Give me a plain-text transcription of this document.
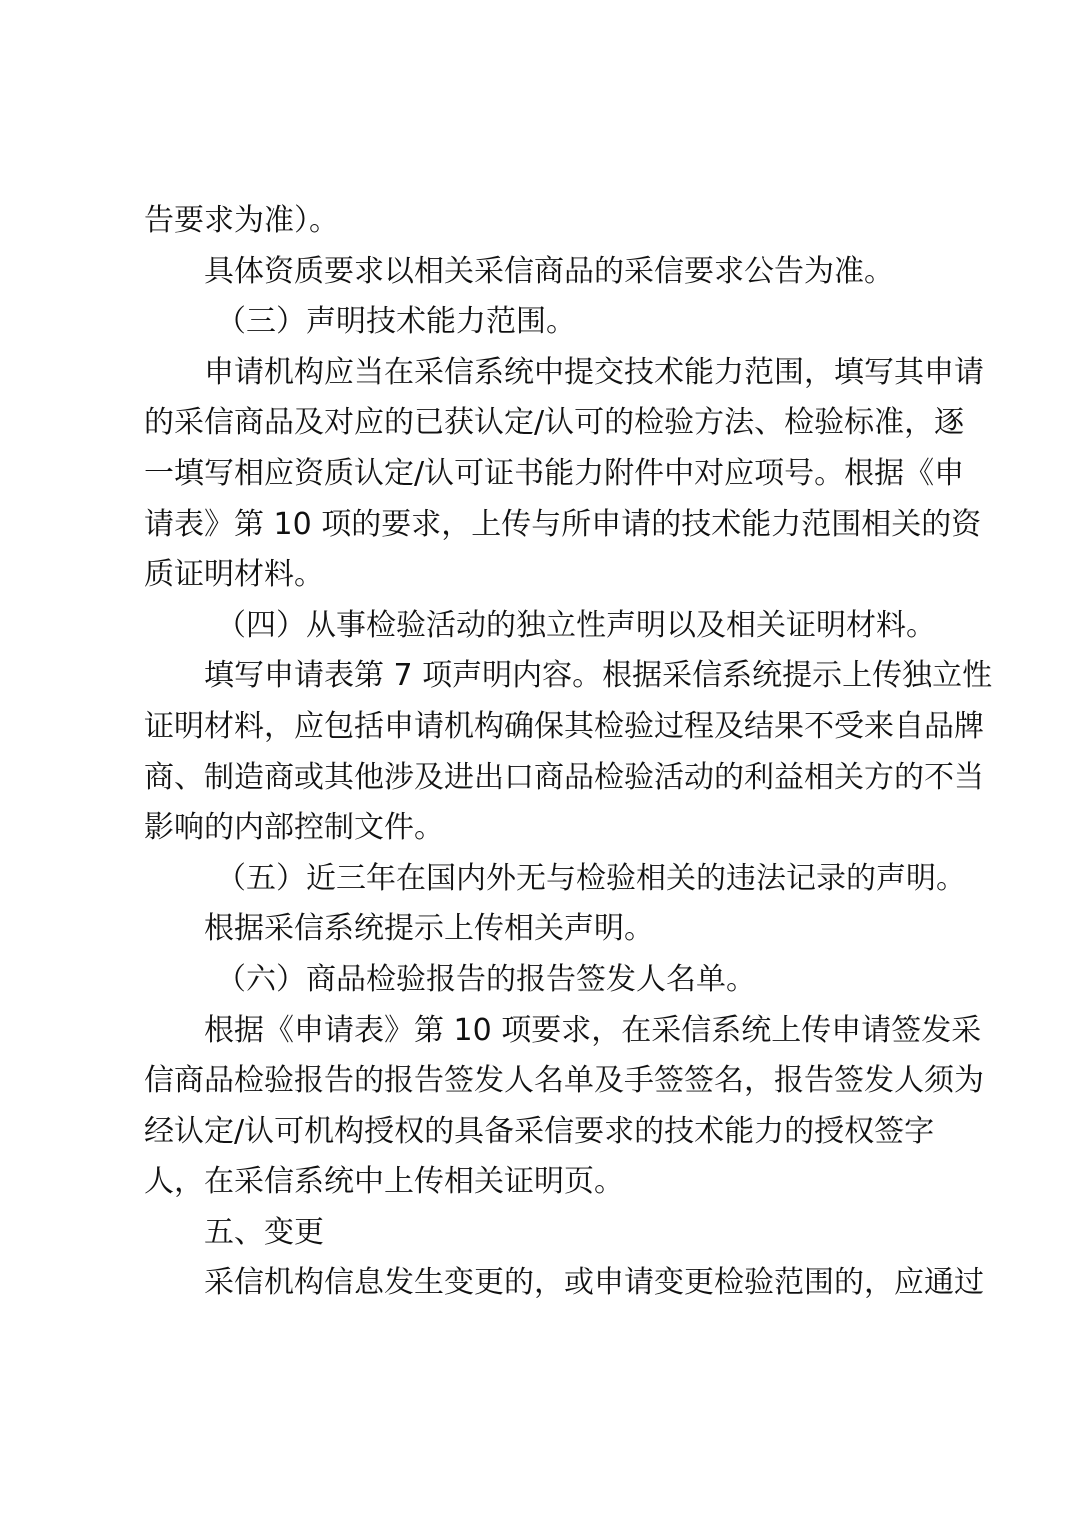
告要求为准）。
具体资质要求以相关采信商品的采信要求公告为准。
（三）声明技术能力范围。
申请机构应当在采信系统中提交技术能力范围，填写其申请
的采信商品及对应的已获认定/认可的检验方法、检验标准，逐
一填写相应资质认定/认可证书能力附件中对应项号。根据《申
请表》第 10 项的要求，上传与所申请的技术能力范围相关的资
质证明材料。
（四）从事检验活动的独立性声明以及相关证明材料。
填写申请表第 7 项声明内容。根据采信系统提示上传独立性
证明材料，应包括申请机构确保其检验过程及结果不受来自品牌
商、制造商或其他涉及进出口商品检验活动的利益相关方的不当
影响的内部控制文件。
（五）近三年在国内外无与检验相关的违法记录的声明。
根据采信系统提示上传相关声明。
（六）商品检验报告的报告签发人名单。
根据《申请表》第 10 项要求，在采信系统上传申请签发采
信商品检验报告的报告签发人名单及手签签名，报告签发人须为
经认定/认可机构授权的具备采信要求的技术能力的授权签字
人，在采信系统中上传相关证明页。
五、变更
采信机构信息发生变更的，或申请变更检验范围的，应通过
